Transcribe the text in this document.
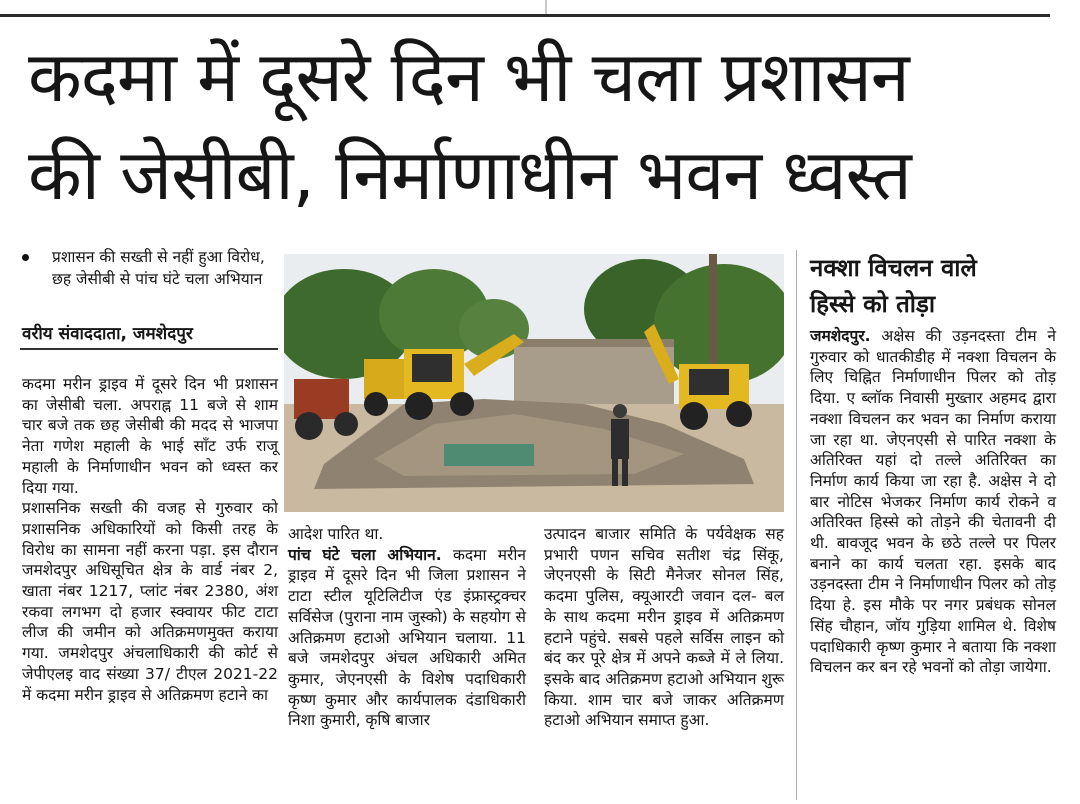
कदमा में दूसरे दिन भी चला प्रशासन
की जेसीबी, निर्माणाधीन भवन ध्वस्त
प्रशासन की सख्ती से नहीं हुआ विरोध, छह जेसीबी से पांच घंटे चला अभियान
वरीय संवाददाता, जमशेदपुर

कदमा मरीन ड्राइव में दूसरे दिन भी प्रशासन का जेसीबी चला. अपराह्न 11 बजे से शाम चार बजे तक छह जेसीबी की मदद से भाजपा नेता गणेश महाली के भाई सॉंट उर्फ राजू महाली के निर्माणाधीन भवन को ध्वस्त कर दिया गया.

प्रशासनिक सख्ती की वजह से गुरुवार को प्रशासनिक अधिकारियों को किसी तरह के विरोध का सामना नहीं करना पड़ा. इस दौरान जमशेदपुर अधिसूचित क्षेत्र के वार्ड नंबर 2, खाता नंबर 1217, प्लांट नंबर 2380, अंश रकवा लगभग दो हजार स्क्वायर फीट टाटा लीज की जमीन को अतिक्रमणमुक्त कराया गया. जमशेदपुर अंचलाधिकारी की कोर्ट से जेपीएलइ वाद संख्या 37/ टीएल 2021-22 में कदमा मरीन ड्राइव से अतिक्रमण हटाने का

आदेश पारित था.
पांच घंटे चला अभियान. कदमा मरीन ड्राइव में दूसरे दिन भी जिला प्रशासन ने टाटा स्टील यूटिलिटीज एंड इंफ्रास्ट्रक्चर सर्विसेज (पुराना नाम जुस्को) के सहयोग से अतिक्रमण हटाओ अभियान चलाया. 11 बजे जमशेदपुर अंचल अधिकारी अमित कुमार, जेएनएसी के विशेष पदाधिकारी कृष्ण कुमार और कार्यपालक दंडाधिकारी निशा कुमारी, कृषि बाजार

उत्पादन बाजार समिति के पर्यवेक्षक सह प्रभारी पणन सचिव सतीश चंद्र सिंकू, जेएनएसी के सिटी मैनेजर सोनल सिंह, कदमा पुलिस, क्यूआरटी जवान दल- बल के साथ कदमा मरीन ड्राइव में अतिक्रमण हटाने पहुंचे. सबसे पहले सर्विस लाइन को बंद कर पूरे क्षेत्र में अपने कब्जे में ले लिया. इसके बाद अतिक्रमण हटाओ अभियान शुरू किया. शाम चार बजे जाकर अतिक्रमण हटाओ अभियान समाप्त हुआ.

नक्शा विचलन वाले
हिस्से को तोड़ा

जमशेदपुर. अक्षेस की उड़नदस्ता टीम ने गुरुवार को धातकीडीह में नक्शा विचलन के लिए चिह्नित निर्माणाधीन पिलर को तोड़ दिया. ए ब्लॉक निवासी मुख्तार अहमद द्वारा नक्शा विचलन कर भवन का निर्माण कराया जा रहा था. जेएनएसी से पारित नक्शा के अतिरिक्त यहां दो तल्ले अतिरिक्त का निर्माण कार्य किया जा रहा है. अक्षेस ने दो बार नोटिस भेजकर निर्माण कार्य रोकने व अतिरिक्त हिस्से को तोड़ने की चेतावनी दी थी. बावजूद भवन के छठे तल्ले पर पिलर बनाने का कार्य चलता रहा. इसके बाद उड़नदस्ता टीम ने निर्माणाधीन पिलर को तोड़ दिया हे. इस मौके पर नगर प्रबंधक सोनल सिंह चौहान, जॉय गुड़िया शामिल थे. विशेष पदाधिकारी कृष्ण कुमार ने बताया कि नक्शा विचलन कर बन रहे भवनों को तोड़ा जायेगा.
